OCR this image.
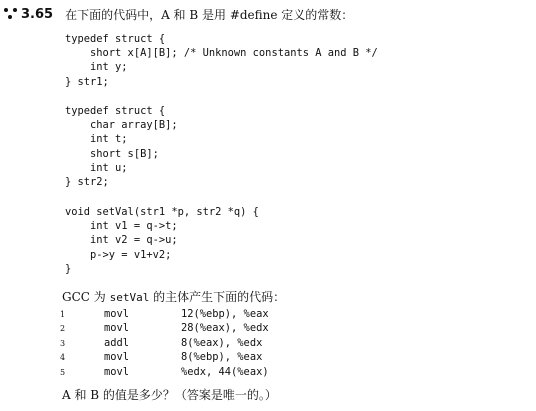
3.65 在下面的代码中，A 和 B 是用 #define 定义的常数：
typedef struct {
short x[A][B]; /* Unknown constants A and B */
int y;
} str1;
typedef struct {
char array[B];
int t;
short s[B];
int u;
} str2;
void setVal(str1 *p, str2 *q) {
int v1 = q->t;
int v2 = q->u;
p->y = v1+v2;
}
GCC 为 setVal 的主体产生下面的代码：
1	movl	12(%ebp), %eax
2	movl	28(%eax), %edx
3	addl	8(%eax), %edx
4	movl	8(%ebp), %eax
5	movl	%edx, 44(%eax)
A 和 B 的值是多少？（答案是唯一的。）
